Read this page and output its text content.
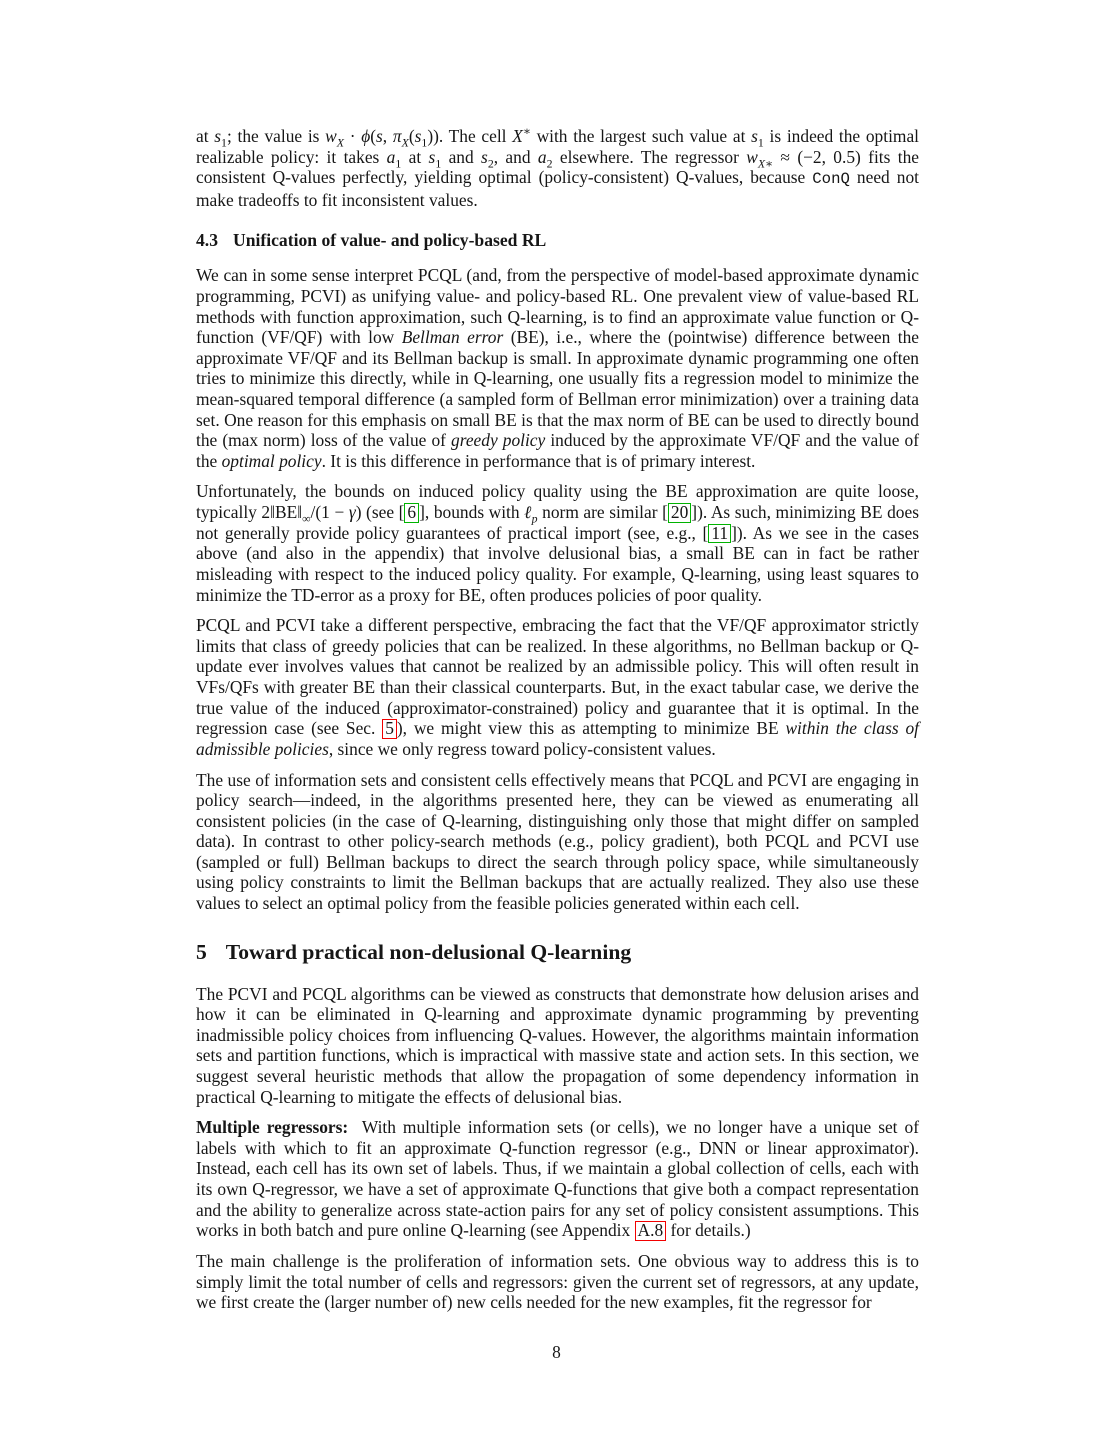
at $s_1$; the value is $w_X \cdot \phi(s$, $\pi_X(s_1)$). The cell X∗ with the largest such value at $s_1$ is indeed the optimal realizable policy: it takes $a_1$ at $s_1$ and $s_2$, and $a_2$ elsewhere. The regressor $w_{X∗} \approx (-2$, 0.5) fits the consistent Q-values perfectly, yielding optimal (policy-consistent) Q-values, because ConQ need not make tradeoffs to fit inconsistent values.

4.3 Unification of value- and policy-based RL

We can in some sense interpret PCQL (and, from the perspective of model-based approximate dynamic programming, PCVI) as unifying value- and policy-based RL. One prevalent view of value-based RL methods with function approximation, such Q-learning, is to find an approximate value function or Q-function (VF/QF) with low Bellman error (BE), i.e., where the (pointwise) difference between the approximate VF/QF and its Bellman backup is small. In approximate dynamic programming one often tries to minimize this directly, while in Q-learning, one usually fits a regression model to minimize the mean-squared temporal difference (a sampled form of Bellman error minimization) over a training data set. One reason for this emphasis on small BE is that the max norm of BE can be used to directly bound the (max norm) loss of the value of greedy policy induced by the approximate VF/QF and the value of the optimal policy. It is this difference in performance that is of primary interest.

Unfortunately, the bounds on induced policy quality using the BE approximation are quite loose, typically $2‖BE‖_\infty/(1 - \gamma)$ (see [ 6 ], bounds with ℓ$_p$ norm are similar [ 20 ]). As such, minimizing BE does not generally provide policy guarantees of practical import (see, e.g., [ 11 ]). As we see in the cases above (and also in the appendix) that involve delusional bias, a small BE can in fact be rather misleading with respect to the induced policy quality. For example, Q-learning, using least squares to minimize the TD-error as a proxy for BE, often produces policies of poor quality.

PCQL and PCVI take a different perspective, embracing the fact that the VF/QF approximator strictly limits that class of greedy policies that can be realized. In these algorithms, no Bellman backup or Q-update ever involves values that cannot be realized by an admissible policy. This will often result in VFs/QFs with greater BE than their classical counterparts. But, in the exact tabular case, we derive the true value of the induced (approximator-constrained) policy and guarantee that it is optimal. In the regression case (see Sec. 5 ), we might view this as attempting to minimize BE within the class of admissible policies, since we only regress toward policy-consistent values.

The use of information sets and consistent cells effectively means that PCQL and PCVI are engaging in policy search—indeed, in the algorithms presented here, they can be viewed as enumerating all consistent policies (in the case of Q-learning, distinguishing only those that might differ on sampled data). In contrast to other policy-search methods (e.g., policy gradient), both PCQL and PCVI use (sampled or full) Bellman backups to direct the search through policy space, while simultaneously using policy constraints to limit the Bellman backups that are actually realized. They also use these values to select an optimal policy from the feasible policies generated within each cell.

5 Toward practical non-delusional Q-learning

The PCVI and PCQL algorithms can be viewed as constructs that demonstrate how delusion arises and how it can be eliminated in Q-learning and approximate dynamic programming by preventing inadmissible policy choices from influencing Q-values. However, the algorithms maintain information sets and partition functions, which is impractical with massive state and action sets. In this section, we suggest several heuristic methods that allow the propagation of some dependency information in practical Q-learning to mitigate the effects of delusional bias.

Multiple regressors:  With multiple information sets (or cells), we no longer have a unique set of labels with which to fit an approximate Q-function regressor (e.g., DNN or linear approximator). Instead, each cell has its own set of labels. Thus, if we maintain a global collection of cells, each with its own Q-regressor, we have a set of approximate Q-functions that give both a compact representation and the ability to generalize across state-action pairs for any set of policy consistent assumptions. This works in both batch and pure online Q-learning (see Appendix A.8 for details.)

The main challenge is the proliferation of information sets. One obvious way to address this is to simply limit the total number of cells and regressors: given the current set of regressors, at any update, we first create the (larger number of) new cells needed for the new examples, fit the regressor for

8
